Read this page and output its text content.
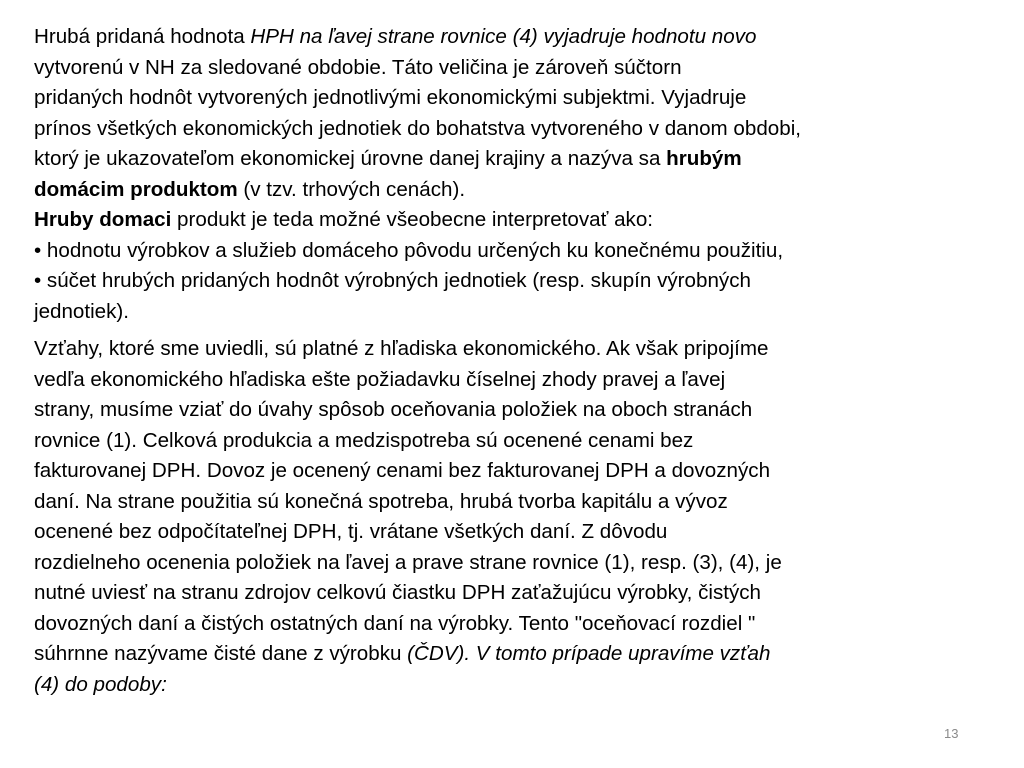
Hrubá pridaná hodnota HPH na ľavej strane rovnice (4) vyjadruje hodnotu novo
vytvorenú v NH za sledované obdobie. Táto veličina je zároveň súčtorn
pridaných hodnôt vytvorených jednotlivými ekonomickými subjektmi. Vyjadruje
prínos všetkých ekonomických jednotiek do bohatstva vytvoreného v danom obdobi,
ktorý je ukazovateľom ekonomickej úrovne danej krajiny a nazýva sa hrubým
domácim produktom (v tzv. trhových cenách).
Hruby domaci produkt je teda možné všeobecne interpretovať ako:
• hodnotu výrobkov a služieb domáceho pôvodu určených ku konečnému použitiu,
• súčet hrubých pridaných hodnôt výrobných jednotiek (resp. skupín výrobných
jednotiek).
Vzťahy, ktoré sme uviedli, sú platné z hľadiska ekonomického. Ak však pripojíme
vedľa ekonomického hľadiska ešte požiadavku číselnej zhody pravej a ľavej
strany, musíme vziať do úvahy spôsob oceňovania položiek na oboch stranách
rovnice (1). Celková produkcia a medzispotreba sú ocenené cenami bez
fakturovanej DPH. Dovoz je ocenený cenami bez fakturovanej DPH a dovozných
daní. Na strane použitia sú konečná spotreba, hrubá tvorba kapitálu a vývoz
ocenené bez odpočítateľnej DPH, tj. vrátane všetkých daní. Z dôvodu
rozdielneho ocenenia položiek na ľavej a prave strane rovnice (1), resp. (3), (4), je
nutné uviesť na stranu zdrojov celkovú čiastku DPH zaťažujúcu výrobky, čistých
dovozných daní a čistých ostatných daní na výrobky. Tento "oceňovací rozdiel "
súhrnne nazývame čisté dane z výrobku (ČDV). V tomto prípade upravíme vzťah
(4) do podoby:
13
